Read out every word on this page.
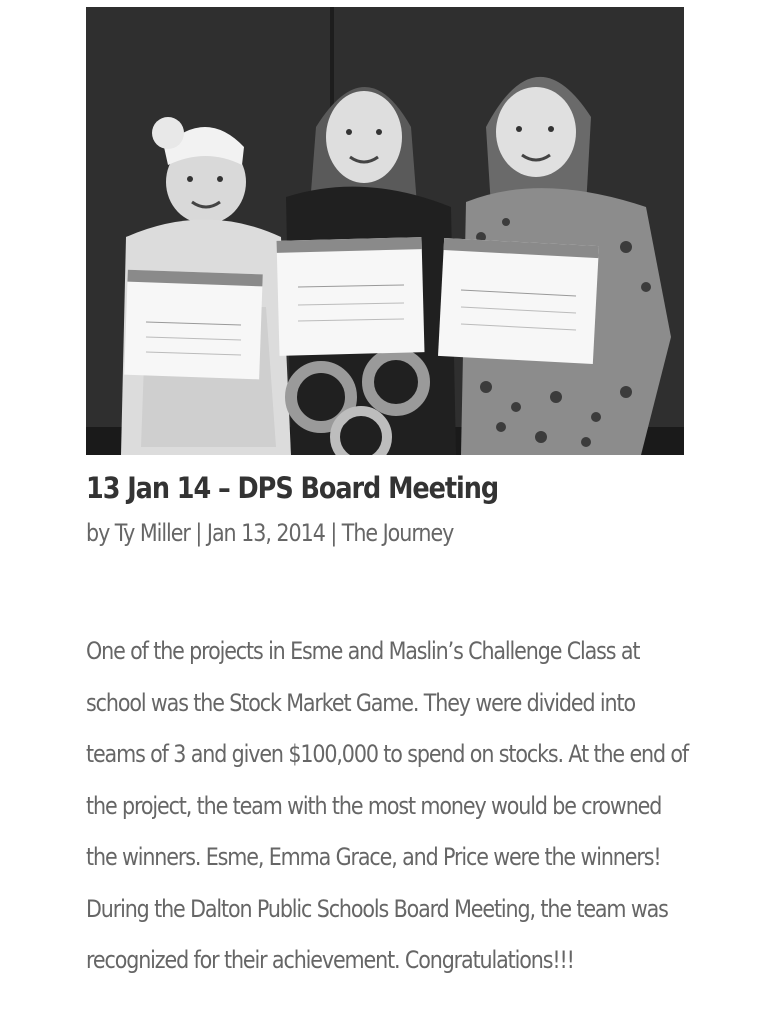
13 Jan 14 – DPS Board Meeting
by Ty Miller | Jan 13, 2014 | The Journey

One of the projects in Esme and Maslin’s Challenge Class at school was the Stock Market Game. They were divided into teams of 3 and given $100,000 to spend on stocks. At the end of the project, the team with the most money would be crowned the winners. Esme, Emma Grace, and Price were the winners! During the Dalton Public Schools Board Meeting, the team was recognized for their achievement. Congratulations!!!
